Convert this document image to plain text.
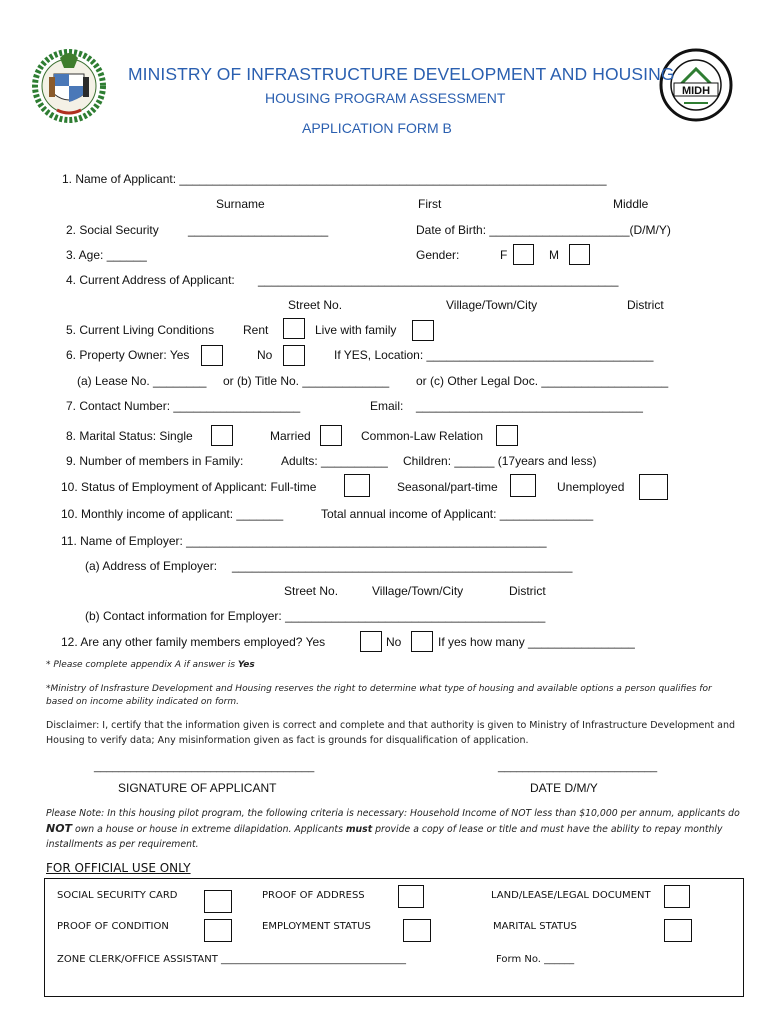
MIDH
MINISTRY OF INFRASTRUCTURE DEVELOPMENT AND HOUSING
HOUSING PROGRAM ASSESSMENT
APPLICATION FORM B
1. Name of Applicant: ________________________________________________________________
Surname	First	Middle
2. Social Security _____________________	Date of Birth: _____________________(D/M/Y)
3. Age: ______	Gender:	F	M
4. Current Address of Applicant: ______________________________________________________
Street No.	Village/Town/City	District
5. Current Living Conditions Rent	Live with family
6. Property Owner: Yes	No	If YES, Location: __________________________________
(a) Lease No. ________ or (b) Title No. _____________ or (c) Other Legal Doc. ___________________
7. Contact Number: ___________________	Email: __________________________________
8. Marital Status: Single	Married	Common-Law Relation
9. Number of members in Family:	Adults: __________ Children: ______ (17years and less)
10. Status of Employment of Applicant: Full-time	Seasonal/part-time	Unemployed
10. Monthly income of applicant: _______	Total annual income of Applicant: ______________
11. Name of Employer: ______________________________________________________
(a) Address of Employer: ___________________________________________________
Street No.	Village/Town/City	District
(b) Contact information for Employer: _______________________________________
12. Are any other family members employed? Yes	No	If yes how many ________________
* Please complete appendix A if answer is Yes
*Ministry of Insfrasture Development and Housing reserves the right to determine what type of housing and available options a person qualifies for based on income ability indicated on form.
Disclaimer: I, certify that the information given is correct and complete and that authority is given to Ministry of Infrastructure Development and Housing to verify data; Any misinformation given as fact is grounds for disqualification of application.
____________________________________
SIGNATURE OF APPLICANT
__________________________
DATE D/M/Y
Please Note: In this housing pilot program, the following criteria is necessary: Household Income of NOT less than $10,000 per annum, applicants do NOT own a house or house in extreme dilapidation. Applicants must provide a copy of lease or title and must have the ability to repay monthly installments as per requirement.
FOR OFFICIAL USE ONLY
SOCIAL SECURITY CARD	PROOF OF ADDRESS	LAND/LEASE/LEGAL DOCUMENT
PROOF OF CONDITION	EMPLOYMENT STATUS	MARITAL STATUS
ZONE CLERK/OFFICE ASSISTANT _____________________________________	Form No. ______
